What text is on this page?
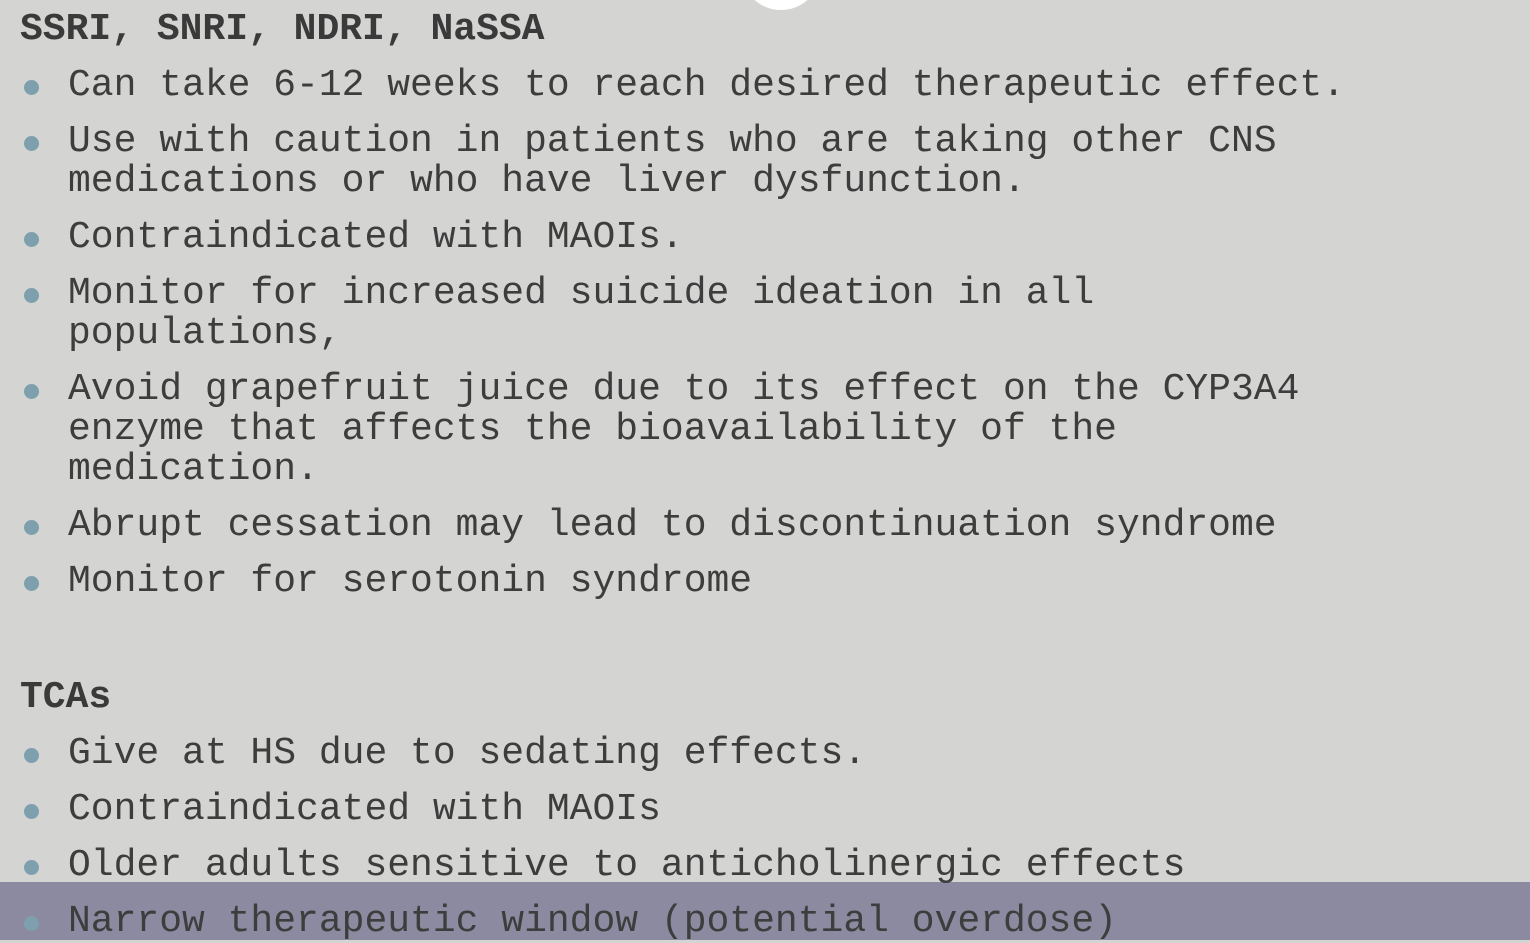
SSRI, SNRI, NDRI, NaSSA
Can take 6-12 weeks to reach desired therapeutic effect.
Use with caution in patients who are taking other CNS
medications or who have liver dysfunction.
Contraindicated with MAOIs.
Monitor for increased suicide ideation in all
populations,
Avoid grapefruit juice due to its effect on the CYP3A4
enzyme that affects the bioavailability of the
medication.
Abrupt cessation may lead to discontinuation syndrome
Monitor for serotonin syndrome
TCAs
Give at HS due to sedating effects.
Contraindicated with MAOIs
Older adults sensitive to anticholinergic effects
Narrow therapeutic window (potential overdose)
